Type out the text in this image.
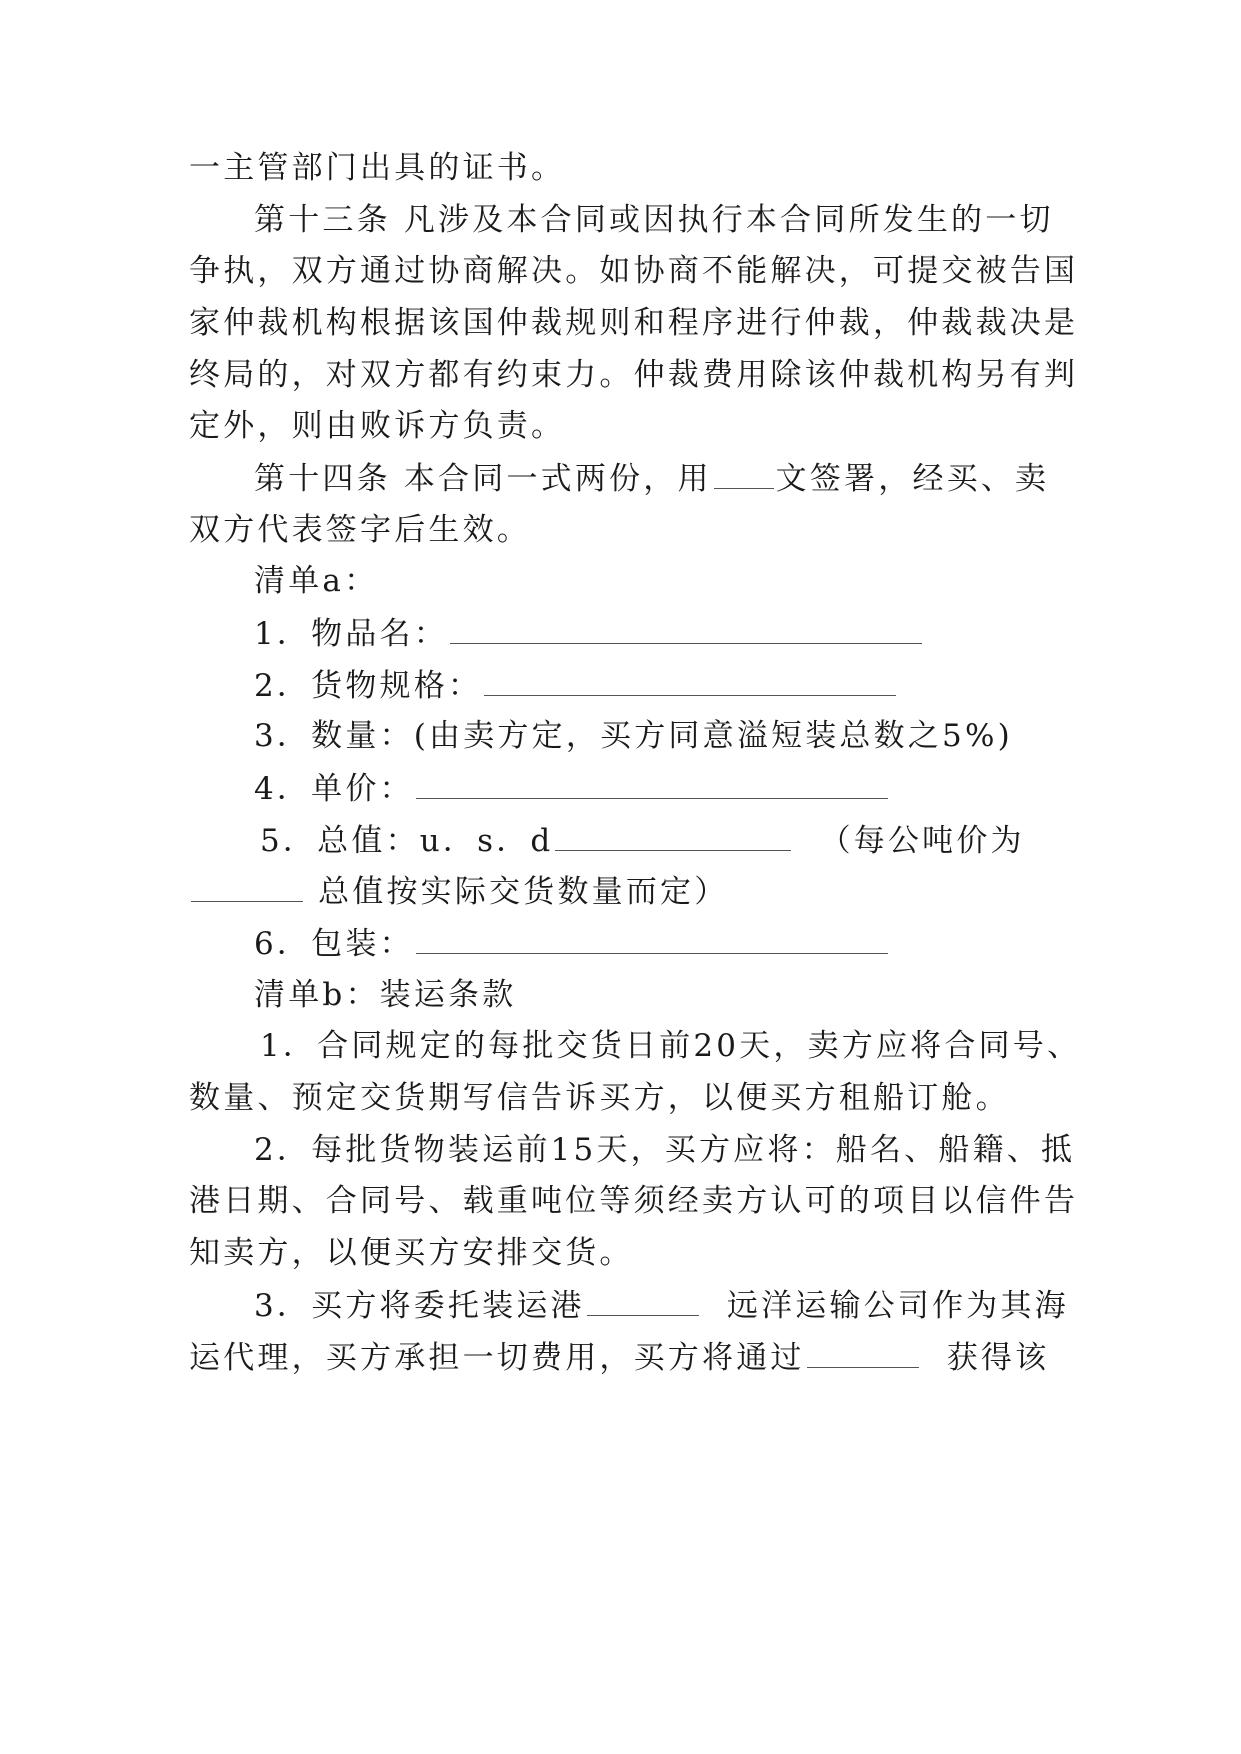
一主管部门出具的证书。
第十三条 凡涉及本合同或因执行本合同所发生的一切
争执，双方通过协商解决。如协商不能解决，可提交被告国
家仲裁机构根据该国仲裁规则和程序进行仲裁，仲裁裁决是
终局的，对双方都有约束力。仲裁费用除该仲裁机构另有判
定外，则由败诉方负责。
第十四条 本合同一式两份，用 文签署，经买、卖
双方代表签字后生效。
清单a：
1．物品名：
2．货物规格：
3．数量：(由卖方定，买方同意溢短装总数之5%)
4．单价：
5．总值：u．s．d	（每公吨价为
总值按实际交货数量而定）
6．包装：
清单b：装运条款
1．合同规定的每批交货日前20天，卖方应将合同号、
数量、预定交货期写信告诉买方，以便买方租船订舱。
2．每批货物装运前15天，买方应将：船名、船籍、抵
港日期、合同号、载重吨位等须经卖方认可的项目以信件告
知卖方，以便买方安排交货。
3．买方将委托装运港	远洋运输公司作为其海
运代理，买方承担一切费用，买方将通过	获得该
